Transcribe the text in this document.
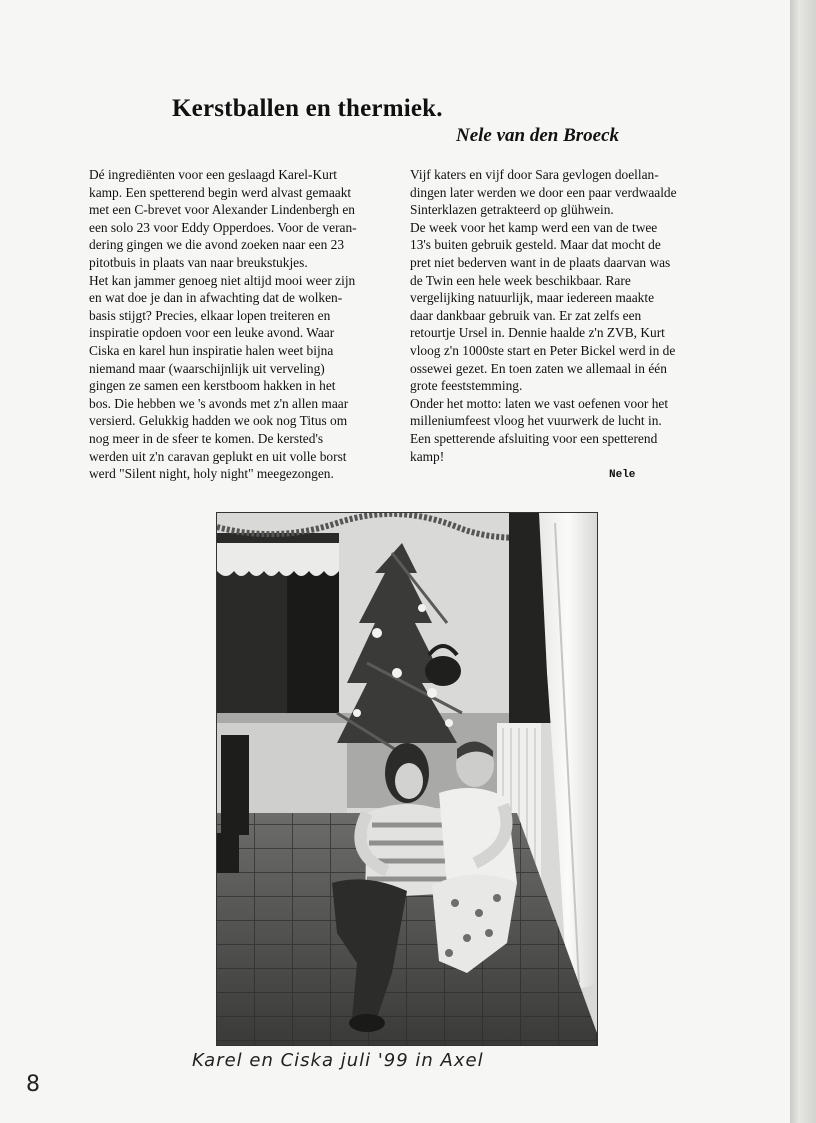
Kerstballen en thermiek.
Nele van den Broeck
Dé ingrediënten voor een geslaagd Karel-Kurt
kamp. Een spetterend begin werd alvast gemaakt
met een C-brevet voor Alexander Lindenbergh en
een solo 23 voor Eddy Opperdoes. Voor de veran-
dering gingen we die avond zoeken naar een 23
pitotbuis in plaats van naar breukstukjes.
Het kan jammer genoeg niet altijd mooi weer zijn
en wat doe je dan in afwachting dat de wolken-
basis stijgt? Precies, elkaar lopen treiteren en
inspiratie opdoen voor een leuke avond. Waar
Ciska en karel hun inspiratie halen weet bijna
niemand maar (waarschijnlijk uit verveling)
gingen ze samen een kerstboom hakken in het
bos. Die hebben we 's avonds met z'n allen maar
versierd. Gelukkig hadden we ook nog Titus om
nog meer in de sfeer te komen. De kersted's
werden uit z'n caravan geplukt en uit volle borst
werd "Silent night, holy night" meegezongen.
Vijf katers en vijf door Sara gevlogen doellan-
dingen later werden we door een paar verdwaalde
Sinterklazen getrakteerd op glühwein.
De week voor het kamp werd een van de twee
13's buiten gebruik gesteld. Maar dat mocht de
pret niet bederven want in de plaats daarvan was
de Twin een hele week beschikbaar. Rare
vergelijking natuurlijk, maar iedereen maakte
daar dankbaar gebruik van. Er zat zelfs een
retourtje Ursel in. Dennie haalde z'n ZVB, Kurt
vloog z'n 1000ste start en Peter Bickel werd in de
ossewei gezet. En toen zaten we allemaal in één
grote feeststemming.
Onder het motto: laten we vast oefenen voor het
milleniumfeest vloog het vuurwerk de lucht in.
Een spetterende afsluiting voor een spetterend
kamp!
Nele
Karel en Ciska juli '99 in Axel
8
